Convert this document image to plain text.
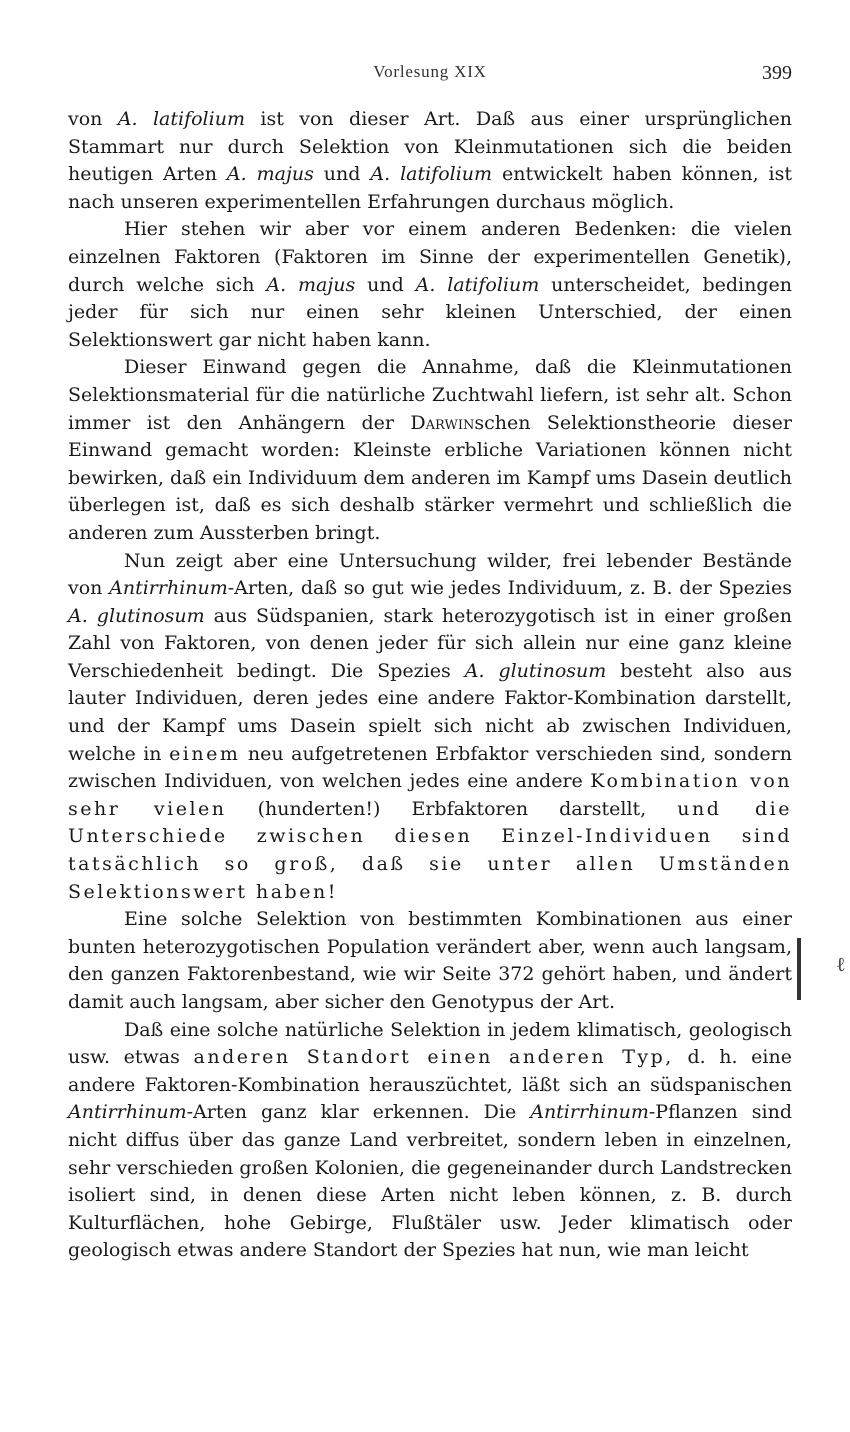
Vorlesung XIX	399

von A. latifolium ist von dieser Art. Daß aus einer ursprünglichen Stammart nur durch Selektion von Kleinmutationen sich die beiden heutigen Arten A. majus und A. latifolium entwickelt haben können, ist nach unseren experimentellen Erfahrungen durchaus möglich.

Hier stehen wir aber vor einem anderen Bedenken: die vielen einzelnen Faktoren (Faktoren im Sinne der experimentellen Genetik), durch welche sich A. majus und A. latifolium unterscheidet, bedingen jeder für sich nur einen sehr kleinen Unterschied, der einen Selektionswert gar nicht haben kann.

Dieser Einwand gegen die Annahme, daß die Kleinmutationen Selektionsmaterial für die natürliche Zuchtwahl liefern, ist sehr alt. Schon immer ist den Anhängern der Darwinschen Selektionstheorie dieser Einwand gemacht worden: Kleinste erbliche Variationen können nicht bewirken, daß ein Individuum dem anderen im Kampf ums Dasein deutlich überlegen ist, daß es sich deshalb stärker vermehrt und schließlich die anderen zum Aussterben bringt.

Nun zeigt aber eine Untersuchung wilder, frei lebender Bestände von Antirrhinum-Arten, daß so gut wie jedes Individuum, z. B. der Spezies A. glutinosum aus Südspanien, stark heterozygotisch ist in einer großen Zahl von Faktoren, von denen jeder für sich allein nur eine ganz kleine Verschiedenheit bedingt. Die Spezies A. glutinosum besteht also aus lauter Individuen, deren jedes eine andere Faktor-Kombination darstellt, und der Kampf ums Dasein spielt sich nicht ab zwischen Individuen, welche in einem neu aufgetretenen Erbfaktor verschieden sind, sondern zwischen Individuen, von welchen jedes eine andere Kombination von sehr vielen (hunderten!) Erbfaktoren darstellt, und die Unterschiede zwischen diesen Einzel-Individuen sind tatsächlich so groß, daß sie unter allen Umständen Selektionswert haben!

Eine solche Selektion von bestimmten Kombinationen aus einer bunten heterozygotischen Population verändert aber, wenn auch langsam, den ganzen Faktorenbestand, wie wir Seite 372 gehört haben, und ändert damit auch langsam, aber sicher den Genotypus der Art.

Daß eine solche natürliche Selektion in jedem klimatisch, geologisch usw. etwas anderen Standort einen anderen Typ, d. h. eine andere Faktoren-Kombination herauszüchtet, läßt sich an südspanischen Antirrhinum-Arten ganz klar erkennen. Die Antirrhinum-Pflanzen sind nicht diffus über das ganze Land verbreitet, sondern leben in einzelnen, sehr verschieden großen Kolonien, die gegeneinander durch Landstrecken isoliert sind, in denen diese Arten nicht leben können, z. B. durch Kulturflächen, hohe Gebirge, Flußtäler usw. Jeder klimatisch oder geologisch etwas andere Standort der Spezies hat nun, wie man leicht

ℓ
